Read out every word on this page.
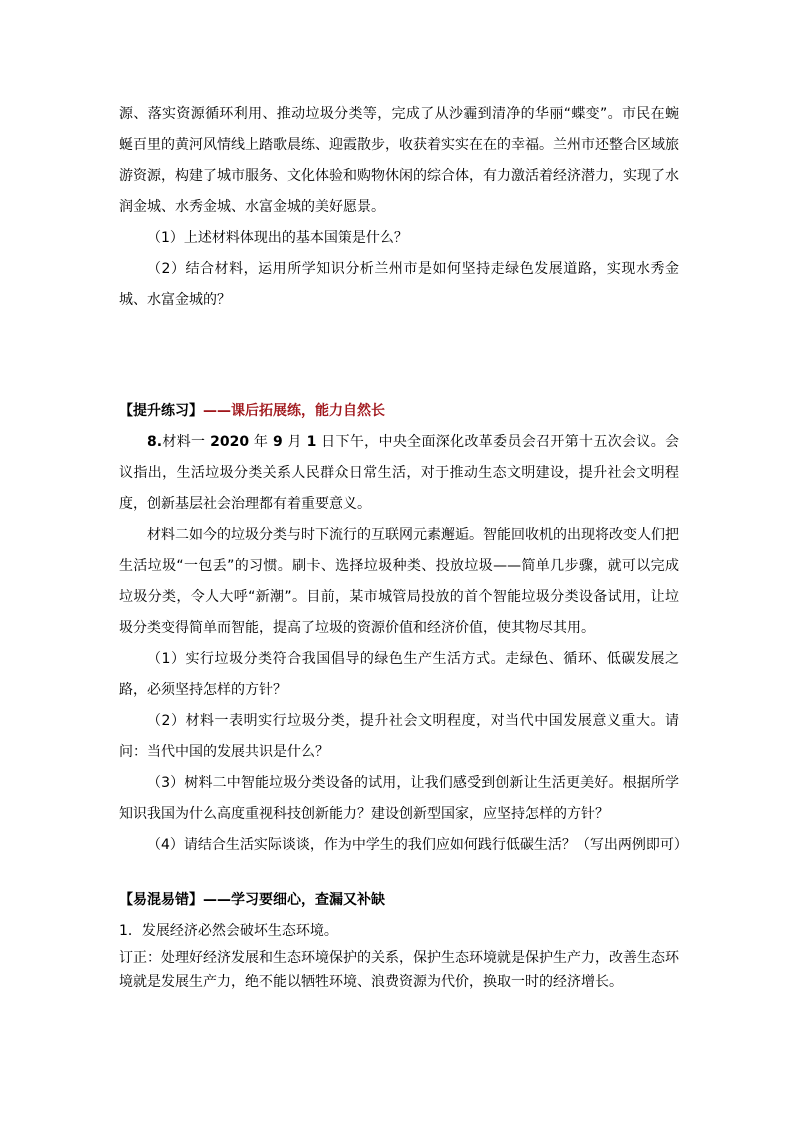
源、落实资源循环利用、推动垃圾分类等，完成了从沙霾到清净的华丽“蝶变”。市民在蜿蜒百里的黄河风情线上踏歌晨练、迎霞散步，收获着实实在在的幸福。兰州市还整合区域旅游资源，构建了城市服务、文化体验和购物休闲的综合体，有力激活着经济潜力，实现了水润金城、水秀金城、水富金城的美好愿景。

（1）上述材料体现出的基本国策是什么？

（2）结合材料，运用所学知识分析兰州市是如何坚持走绿色发展道路，实现水秀金城、水富金城的？

【提升练习】——课后拓展练，能力自然长

8.材料一 2020 年 9 月 1 日下午，中央全面深化改革委员会召开第十五次会议。会议指出，生活垃圾分类关系人民群众日常生活，对于推动生态文明建设，提升社会文明程度，创新基层社会治理都有着重要意义。

材料二如今的垃圾分类与时下流行的互联网元素邂逅。智能回收机的出现将改变人们把生活垃圾“一包丢”的习惯。刷卡、选择垃圾种类、投放垃圾——简单几步骤，就可以完成垃圾分类，令人大呼“新潮”。目前，某市城管局投放的首个智能垃圾分类设备试用，让垃圾分类变得简单而智能，提高了垃圾的资源价值和经济价值，使其物尽其用。

（1）实行垃圾分类符合我国倡导的绿色生产生活方式。走绿色、循环、低碳发展之路，必须坚持怎样的方针？

（2）材料一表明实行垃圾分类，提升社会文明程度，对当代中国发展意义重大。请问：当代中国的发展共识是什么？

（3）树料二中智能垃圾分类设备的试用，让我们感受到创新让生活更美好。根据所学知识我国为什么高度重视科技创新能力？建设创新型国家，应坚持怎样的方针？

（4）请结合生活实际谈谈，作为中学生的我们应如何践行低碳生活？（写出两例即可）

【易混易错】——学习要细心，查漏又补缺

1．发展经济必然会破坏生态环境。

订正：处理好经济发展和生态环境保护的关系，保护生态环境就是保护生产力，改善生态环境就是发展生产力，绝不能以牺牲环境、浪费资源为代价，换取一时的经济增长。
